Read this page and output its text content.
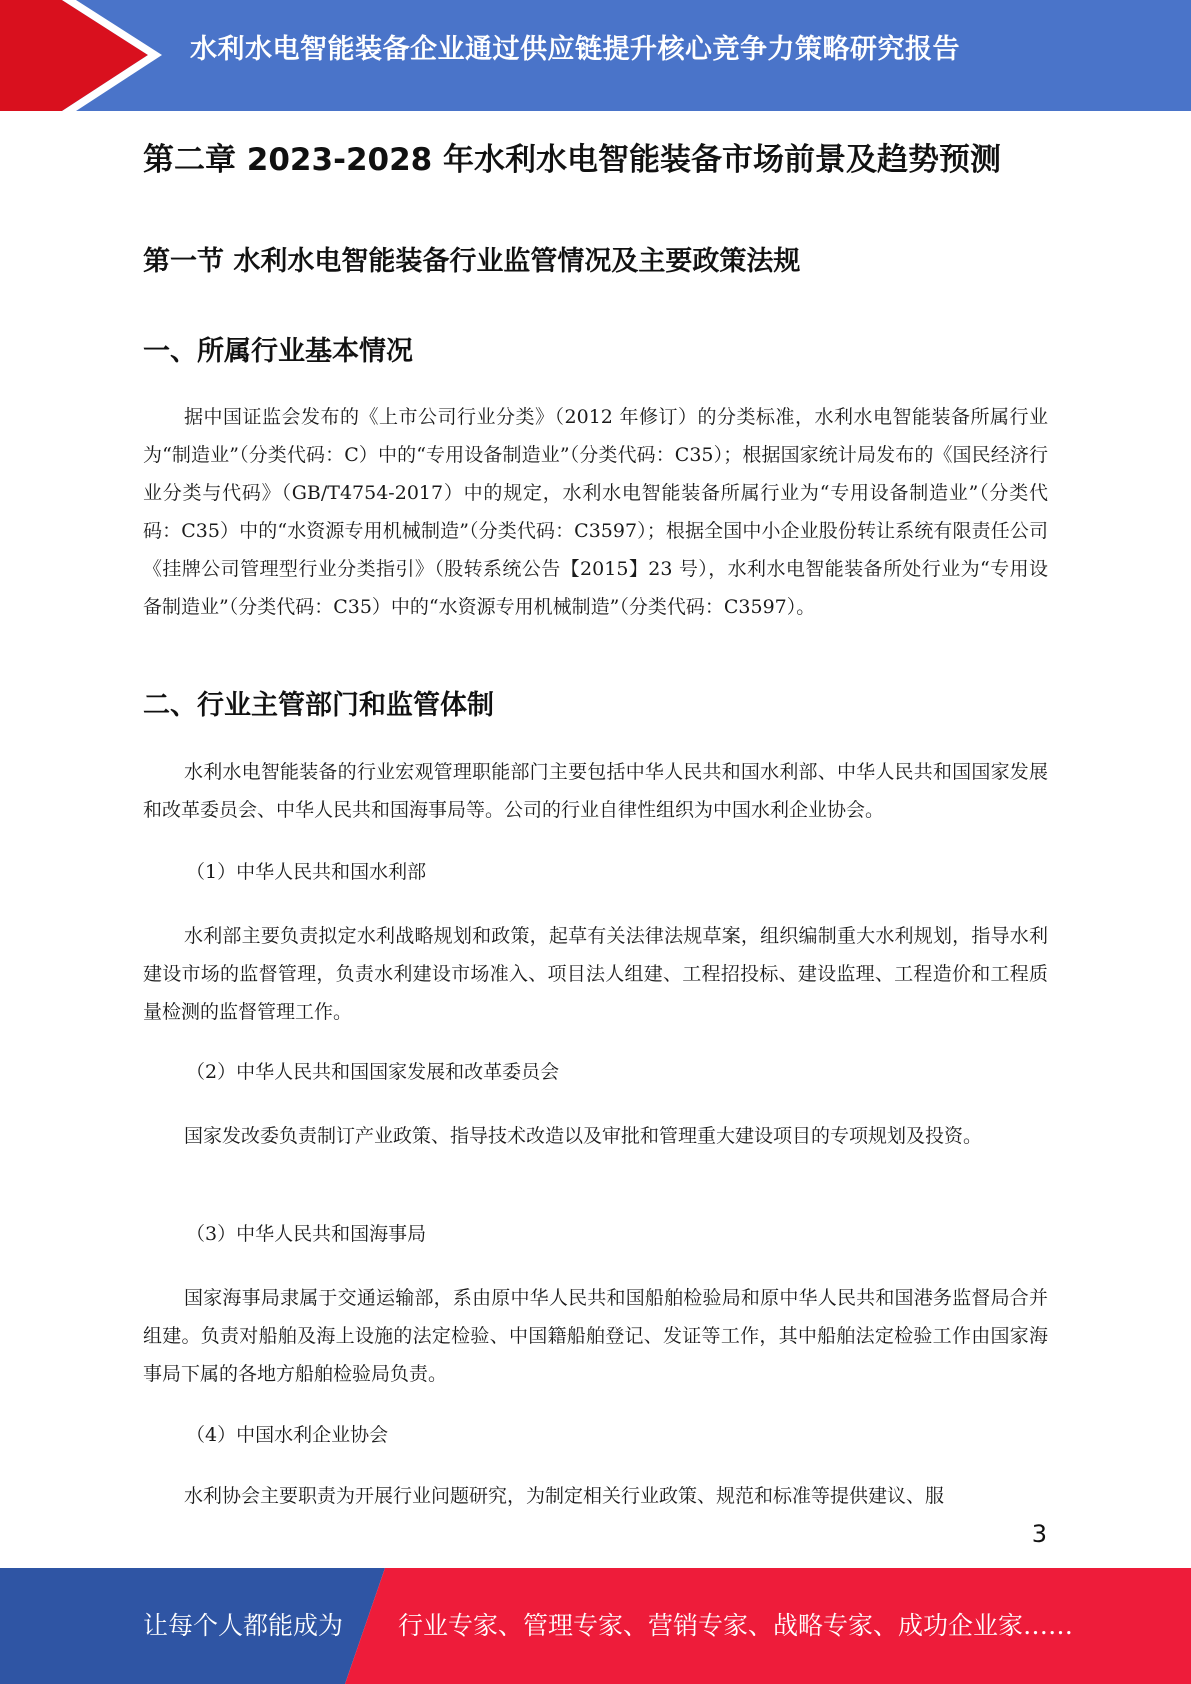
水利水电智能装备企业通过供应链提升核心竞争力策略研究报告
第二章 2023-2028 年水利水电智能装备市场前景及趋势预测
第一节 水利水电智能装备行业监管情况及主要政策法规
一、所属行业基本情况

据中国证监会发布的《上市公司行业分类》（2012 年修订）的分类标准，水利水电智能装备所属行业为“制造业”（分类代码：C）中的“专用设备制造业”（分类代码：C35）；根据国家统计局发布的《国民经济行业分类与代码》（GB/T4754-2017）中的规定，水利水电智能装备所属行业为“专用设备制造业”（分类代码：C35）中的“水资源专用机械制造”（分类代码：C3597）；根据全国中小企业股份转让系统有限责任公司《挂牌公司管理型行业分类指引》（股转系统公告【2015】23 号），水利水电智能装备所处行业为“专用设备制造业”（分类代码：C35）中的“水资源专用机械制造”（分类代码：C3597）。

二、行业主管部门和监管体制

水利水电智能装备的行业宏观管理职能部门主要包括中华人民共和国水利部、中华人民共和国国家发展和改革委员会、中华人民共和国海事局等。公司的行业自律性组织为中国水利企业协会。

（1）中华人民共和国水利部

水利部主要负责拟定水利战略规划和政策，起草有关法律法规草案，组织编制重大水利规划，指导水利建设市场的监督管理，负责水利建设市场准入、项目法人组建、工程招投标、建设监理、工程造价和工程质量检测的监督管理工作。

（2）中华人民共和国国家发展和改革委员会

国家发改委负责制订产业政策、指导技术改造以及审批和管理重大建设项目的专项规划及投资。

（3）中华人民共和国海事局

国家海事局隶属于交通运输部，系由原中华人民共和国船舶检验局和原中华人民共和国港务监督局合并组建。负责对船舶及海上设施的法定检验、中国籍船舶登记、发证等工作，其中船舶法定检验工作由国家海事局下属的各地方船舶检验局负责。

（4）中国水利企业协会

水利协会主要职责为开展行业问题研究，为制定相关行业政策、规范和标准等提供建议、服

3
让每个人都能成为 行业专家、管理专家、营销专家、战略专家、成功企业家……
